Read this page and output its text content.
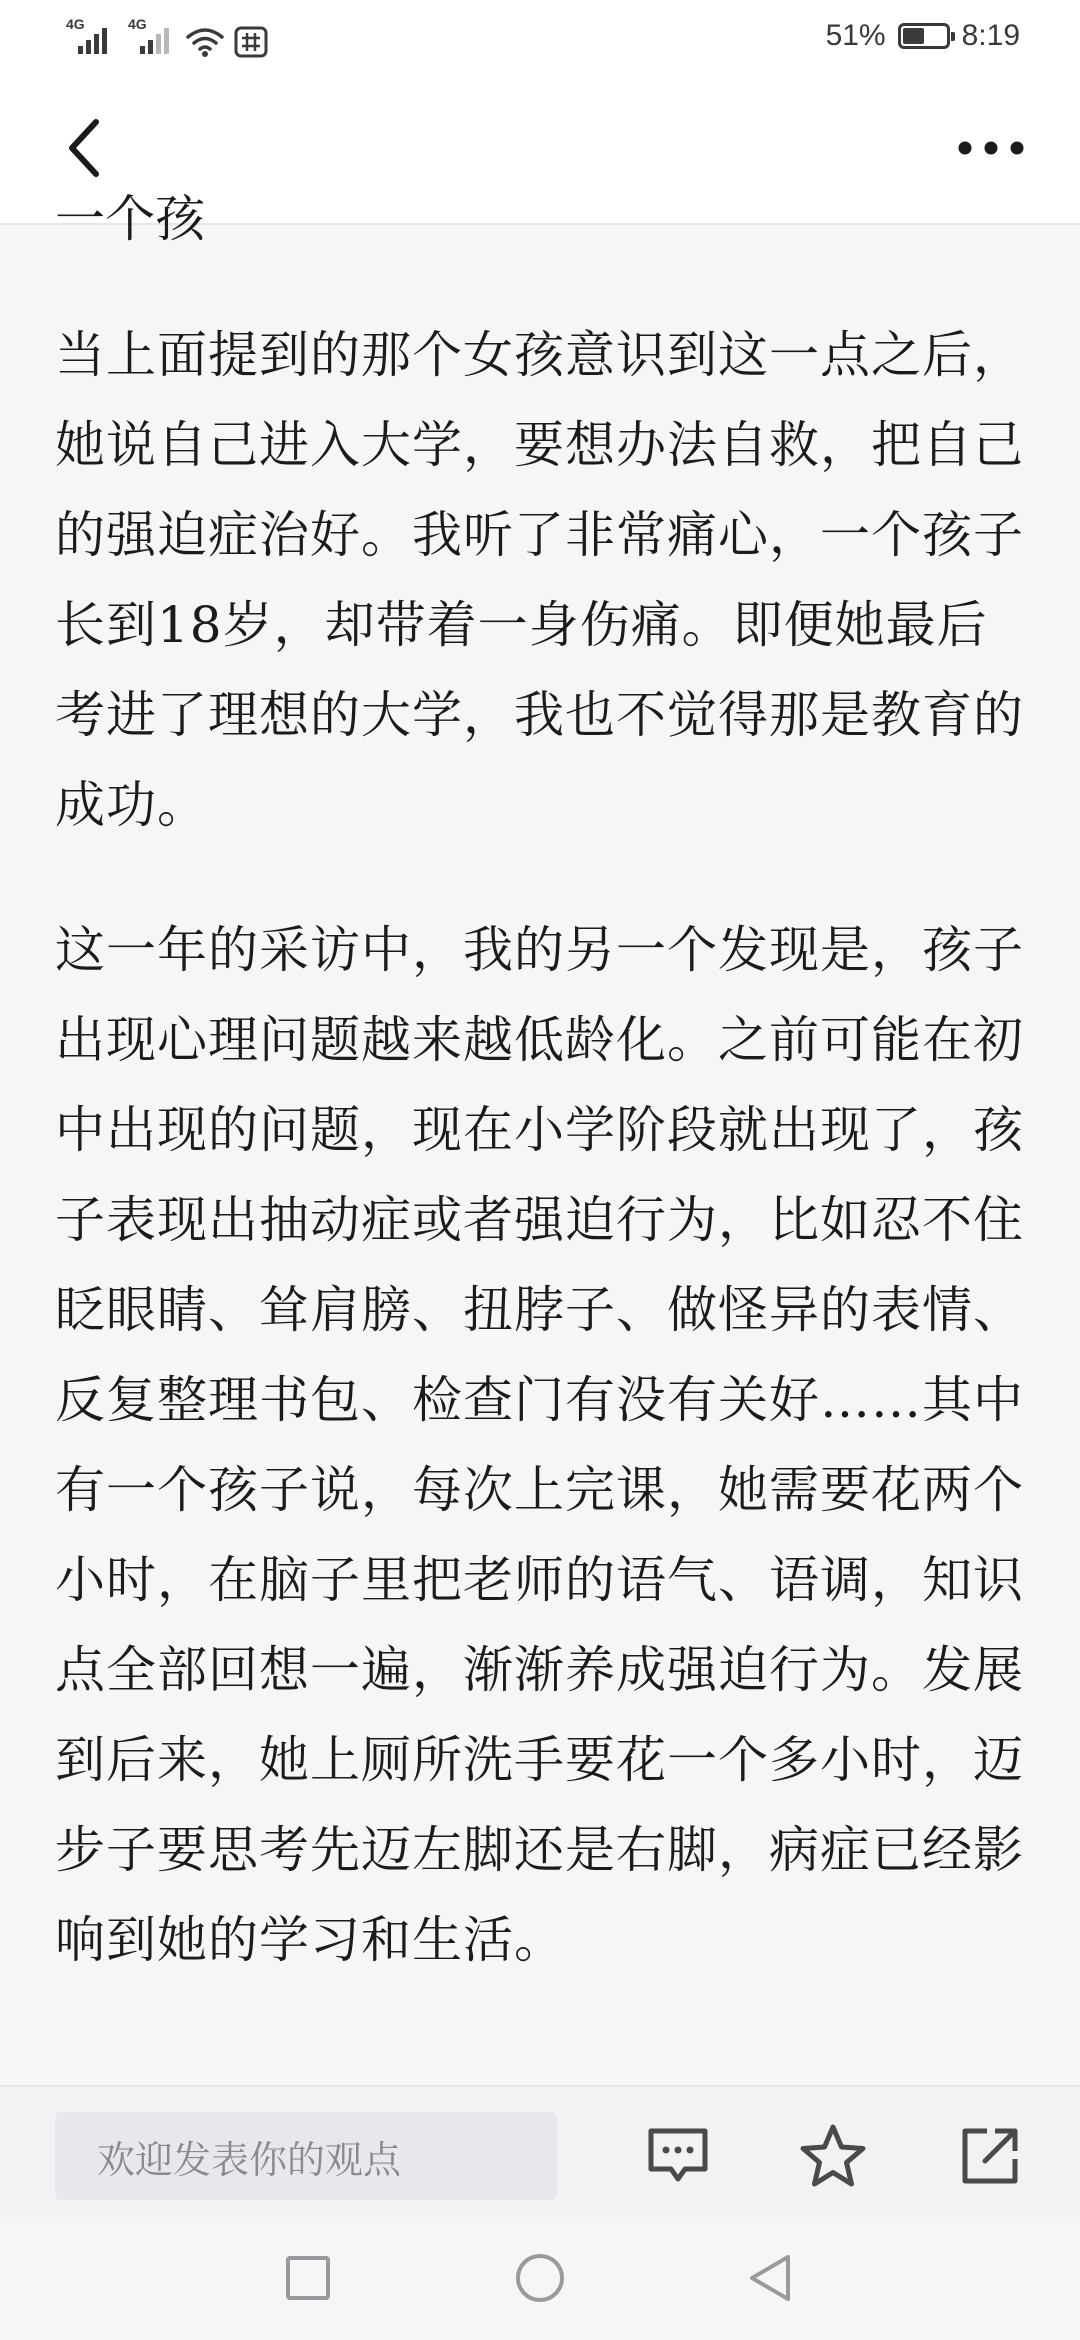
4G	4G	51%	8:19
一个孩

当上面提到的那个女孩意识到这一点之后，她说自己进入大学，要想办法自救，把自己的强迫症治好。我听了非常痛心，一个孩子长到18岁，却带着一身伤痛。即便她最后考进了理想的大学，我也不觉得那是教育的成功。

这一年的采访中，我的另一个发现是，孩子出现心理问题越来越低龄化。之前可能在初中出现的问题，现在小学阶段就出现了，孩子表现出抽动症或者强迫行为，比如忍不住眨眼睛、耸肩膀、扭脖子、做怪异的表情、反复整理书包、检查门有没有关好……其中有一个孩子说，每次上完课，她需要花两个小时，在脑子里把老师的语气、语调，知识点全部回想一遍，渐渐养成强迫行为。发展到后来，她上厕所洗手要花一个多小时，迈步子要思考先迈左脚还是右脚，病症已经影响到她的学习和生活。

欢迎发表你的观点
